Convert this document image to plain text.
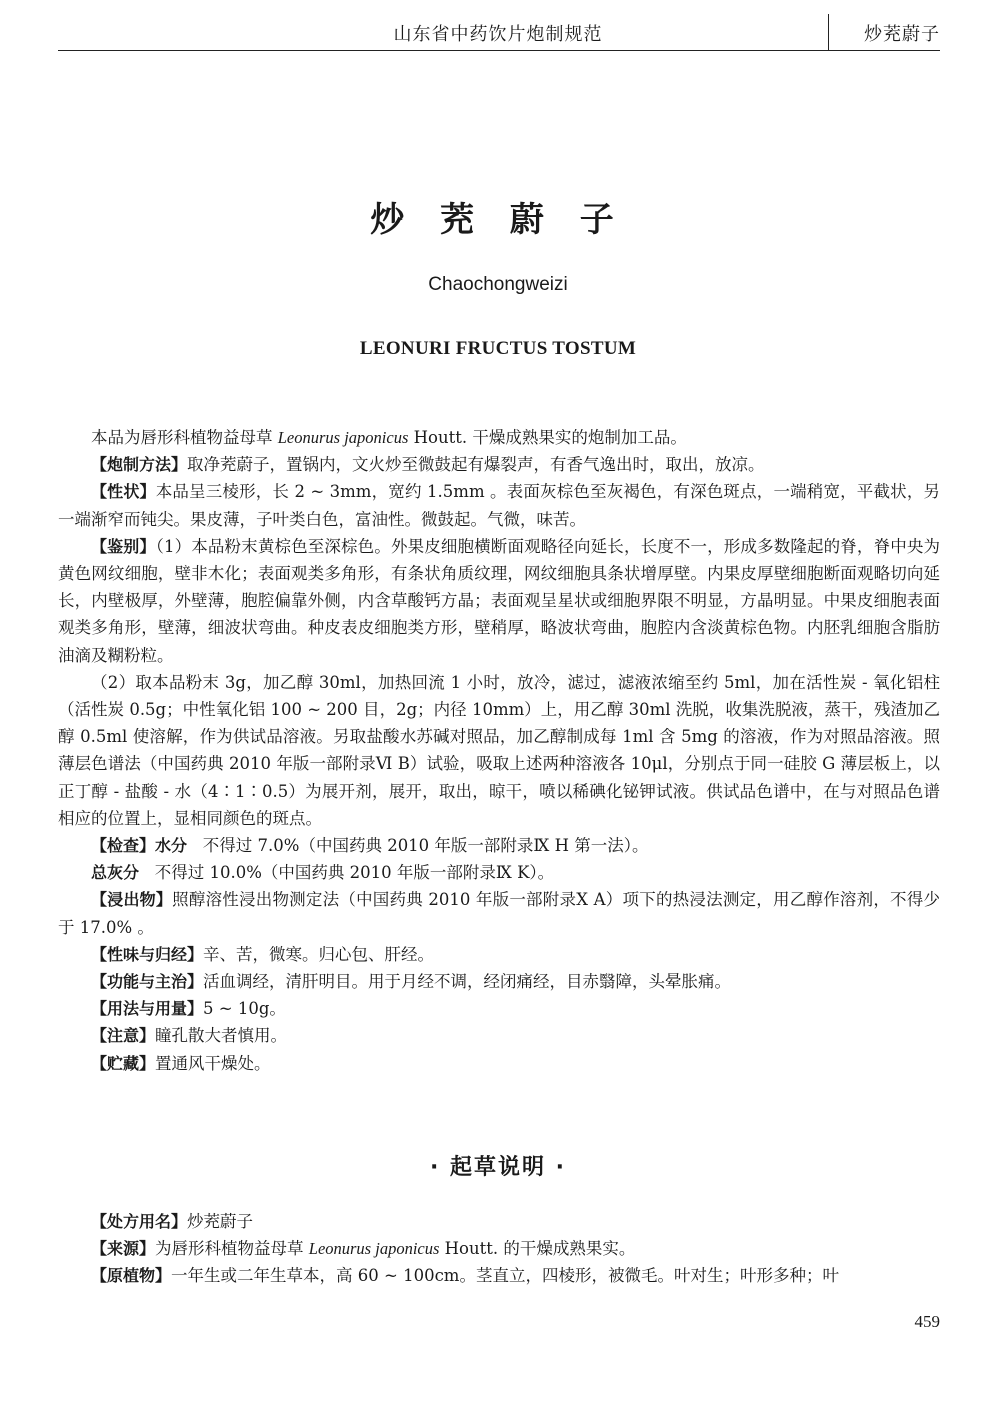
山东省中药饮片炮制规范	炒茺蔚子
炒 茺 蔚 子
Chaochongweizi
LEONURI FRUCTUS TOSTUM

本品为唇形科植物益母草 Leonurus japonicus Houtt. 干燥成熟果实的炮制加工品。

【炮制方法】取净茺蔚子，置锅内，文火炒至微鼓起有爆裂声，有香气逸出时，取出，放凉。

【性状】本品呈三棱形，长 2 ~ 3mm，宽约 1.5mm 。表面灰棕色至灰褐色，有深色斑点，一端稍宽，平截状，另一端渐窄而钝尖。果皮薄，子叶类白色，富油性。微鼓起。气微，味苦。

【鉴别】（1）本品粉末黄棕色至深棕色。外果皮细胞横断面观略径向延长，长度不一，形成多数隆起的脊，脊中央为黄色网纹细胞，壁非木化；表面观类多角形，有条状角质纹理，网纹细胞具条状增厚壁。内果皮厚壁细胞断面观略切向延长，内壁极厚，外壁薄，胞腔偏靠外侧，内含草酸钙方晶；表面观呈星状或细胞界限不明显，方晶明显。中果皮细胞表面观类多角形，壁薄，细波状弯曲。种皮表皮细胞类方形，壁稍厚，略波状弯曲，胞腔内含淡黄棕色物。内胚乳细胞含脂肪油滴及糊粉粒。

（2）取本品粉末 3g，加乙醇 30ml，加热回流 1 小时，放冷，滤过，滤液浓缩至约 5ml，加在活性炭 - 氧化铝柱（活性炭 0.5g；中性氧化铝 100 ~ 200 目，2g；内径 10mm）上，用乙醇 30ml 洗脱，收集洗脱液，蒸干，残渣加乙醇 0.5ml 使溶解，作为供试品溶液。另取盐酸水苏碱对照品，加乙醇制成每 1ml 含 5mg 的溶液，作为对照品溶液。照薄层色谱法（中国药典 2010 年版一部附录Ⅵ B）试验，吸取上述两种溶液各 10μl，分别点于同一硅胶 G 薄层板上，以正丁醇 - 盐酸 - 水（4∶1∶0.5）为展开剂，展开，取出，晾干，喷以稀碘化铋钾试液。供试品色谱中，在与对照品色谱相应的位置上，显相同颜色的斑点。

【检查】水分 不得过 7.0%（中国药典 2010 年版一部附录Ⅸ H 第一法）。

总灰分 不得过 10.0%（中国药典 2010 年版一部附录Ⅸ K）。

【浸出物】照醇溶性浸出物测定法（中国药典 2010 年版一部附录Ⅹ A）项下的热浸法测定，用乙醇作溶剂，不得少于 17.0% 。

【性味与归经】辛、苦，微寒。归心包、肝经。

【功能与主治】活血调经，清肝明目。用于月经不调，经闭痛经，目赤翳障，头晕胀痛。

【用法与用量】5 ~ 10g。

【注意】瞳孔散大者慎用。

【贮藏】置通风干燥处。

· 起草说明 ·

【处方用名】炒茺蔚子

【来源】为唇形科植物益母草 Leonurus japonicus Houtt. 的干燥成熟果实。

【原植物】一年生或二年生草本，高 60 ~ 100cm。茎直立，四棱形，被微毛。叶对生；叶形多种；叶

459
